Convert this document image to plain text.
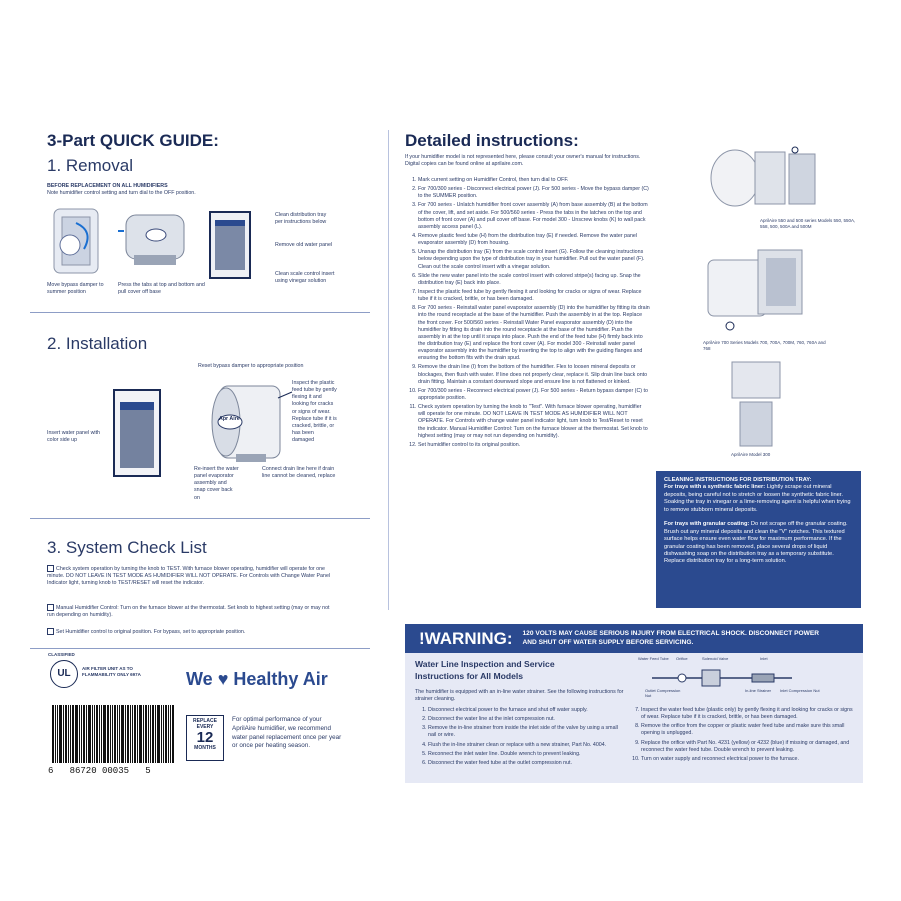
3-Part QUICK GUIDE:
1. Removal
BEFORE REPLACEMENT ON ALL HUMIDIFIERS
Note humidifier control setting and turn dial to the OFF position.
Clean distribution tray per instructions below
Remove old water panel
Clean scale control insert using vinegar solution
Move bypass damper to summer position
Press the tabs at top and bottom and pull cover off base
2. Installation
Reset bypass damper to appropriate position
Insert water panel with color side up
Apr Aire
Inspect the plastic feed tube by gently flexing it and looking for cracks or signs of wear. Replace tube if it is cracked, brittle, or has been damaged
Re-insert the water panel evaporator assembly and snap cover back on
Connect drain line here if drain line cannot be cleaned, replace
3. System Check List
Check system operation by turning the knob to TEST. With furnace blower operating, humidifier will operate for one minute. DO NOT LEAVE IN TEST MODE AS HUMIDIFIER WILL NOT OPERATE. For Controls with Change Water Panel Indicator light, turning knob to TEST/RESET will reset the indicator.
Manual Humidifier Control: Turn on the furnace blower at the thermostat. Set knob to highest setting (may or may not run depending on humidity).
Set Humidifier control to original position. For bypass, set to appropriate position.
UL
CLASSIFIED
AIR FILTER UNIT AS TO FLAMMABILITY ONLY 697A	We ♥ Healthy Air
6   86720 00035   5
REPLACE
EVERY
12
MONTHS
For optimal performance of your AprilAire humidifier, we recommend water panel replacement once per year or once per heating season.
Detailed instructions:
If your humidifier model is not represented here, please consult your owner's manual for instructions. Digital copies can be found online at aprilaire.com.
1. Mark current setting on Humidifier Control, then turn dial to OFF.
2. For 700/300 series - Disconnect electrical power (J). For 500 series - Move the bypass damper (C) to the SUMMER position.
3. For 700 series - Unlatch humidifier front cover assembly (A) from base assembly (B) at the bottom of the cover, lift, and set aside. For 500/560 series - Press the tabs in the latches on the top and bottom of front cover (A) and pull cover off base. For model 300 - Unscrew knobs (K) to wall pack assembly access panel (L).
4. Remove plastic feed tube (H) from the distribution tray (E) if needed. Remove the water panel evaporator assembly (D) from housing.
5. Unsnap the distribution tray (E) from the scale control insert (G). Follow the cleaning instructions below depending upon the type of distribution tray in your humidifier. Pull out the water panel (F). Clean out the scale control insert with a vinegar solution.
6. Slide the new water panel into the scale control insert with colored stripe(s) facing up. Snap the distribution tray (E) back into place.
7. Inspect the plastic feed tube by gently flexing it and looking for cracks or signs of wear. Replace tube if it is cracked, brittle, or has been damaged.
8. For 700 series - Reinstall water panel evaporator assembly (D) into the humidifier by fitting its drain into the round receptacle at the base of the humidifier. Push the assembly in at the top. Replace the front cover. For 500/560 series - Reinstall Water Panel evaporator assembly (D) into the humidifier by fitting its drain into the round receptacle at the base of the humidifier. Push the assembly in at the top until it snaps into place. Push the end of the feed tube (H) firmly back into the distribution tray (E) and replace the front cover (A). For model 300 - Reinstall water panel evaporator assembly into the humidifier by inserting the top to align with the guiding flanges and ensuring the bottom fits with the drain spud.
9. Remove the drain line (I) from the bottom of the humidifier. Flex to loosen mineral deposits or blockages, then flush with water. If line does not properly clear, replace it. Slip drain line back onto drain fitting. Maintain a constant downward slope and ensure line is not flattened or kinked.
10. For 700/300 series - Reconnect electrical power (J). For 500 series - Return bypass damper (C) to appropriate position.
11. Check system operation by turning the knob to "Test". With furnace blower operating, humidifier will operate for one minute. DO NOT LEAVE IN TEST MODE AS HUMIDIFIER WILL NOT OPERATE. For Controls with change water panel indicator light, turn knob to Test/Reset to reset the indicator. Manual Humidifier Control: Turn on the furnace blower at the thermostat. Set knob to highest setting (may or may not run depending on humidity).
12. Set humidifier control to its original position.
AprilAire 550 and 500 series Models 550, 550A, 558, 500, 500A and 500M
AprilAire 700 Series Models 700, 700A, 700M, 760, 760A and 768
AprilAire Model 300
CLEANING INSTRUCTIONS FOR DISTRIBUTION TRAY:
For trays with a synthetic fabric liner: Lightly scrape out mineral deposits, being careful not to stretch or loosen the synthetic fabric liner. Soaking the tray in vinegar or a lime-removing agent is helpful when trying to remove stubborn mineral deposits.

For trays with granular coating: Do not scrape off the granular coating. Brush out any mineral deposits and clean the "V" notches. This textured surface helps ensure even water flow for maximum performance. If the granular coating has been removed, place several drops of liquid dishwashing soap on the distribution tray as a temporary substitute. Replace distribution tray for a long-term solution.
!WARNING: 120 VOLTS MAY CAUSE SERIOUS INJURY FROM ELECTRICAL SHOCK. DISCONNECT POWER AND SHUT OFF WATER SUPPLY BEFORE SERVICING.
Water Line Inspection and Service Instructions for All Models
The humidifier is equipped with an in-line water strainer. See the following instructions for strainer cleaning.
Water Feed Tube Orifice	Solenoid Valve	Inlet
Outlet Compression Nut
In-line Strainer	Inlet Compression Nut
1. Disconnect electrical power to the furnace and shut off water supply.
2. Disconnect the water line at the inlet compression nut.
3. Remove the in-line strainer from inside the inlet side of the valve by using a small nail or wire.
4. Flush the in-line strainer clean or replace with a new strainer, Part No. 4004.
5. Reconnect the inlet water line. Double wrench to prevent leaking.
6. Disconnect the water feed tube at the outlet compression nut.
7. Inspect the water feed tube (plastic only) by gently flexing it and looking for cracks or signs of wear. Replace tube if it is cracked, brittle, or has been damaged.
8. Remove the orifice from the copper or plastic water feed tube and make sure this small opening is unplugged.
9. Replace the orifice with Part No. 4231 (yellow) or 4232 (blue) if missing or damaged, and reconnect the water feed tube. Double wrench to prevent leaking.
10. Turn on water supply and reconnect electrical power to the furnace.
